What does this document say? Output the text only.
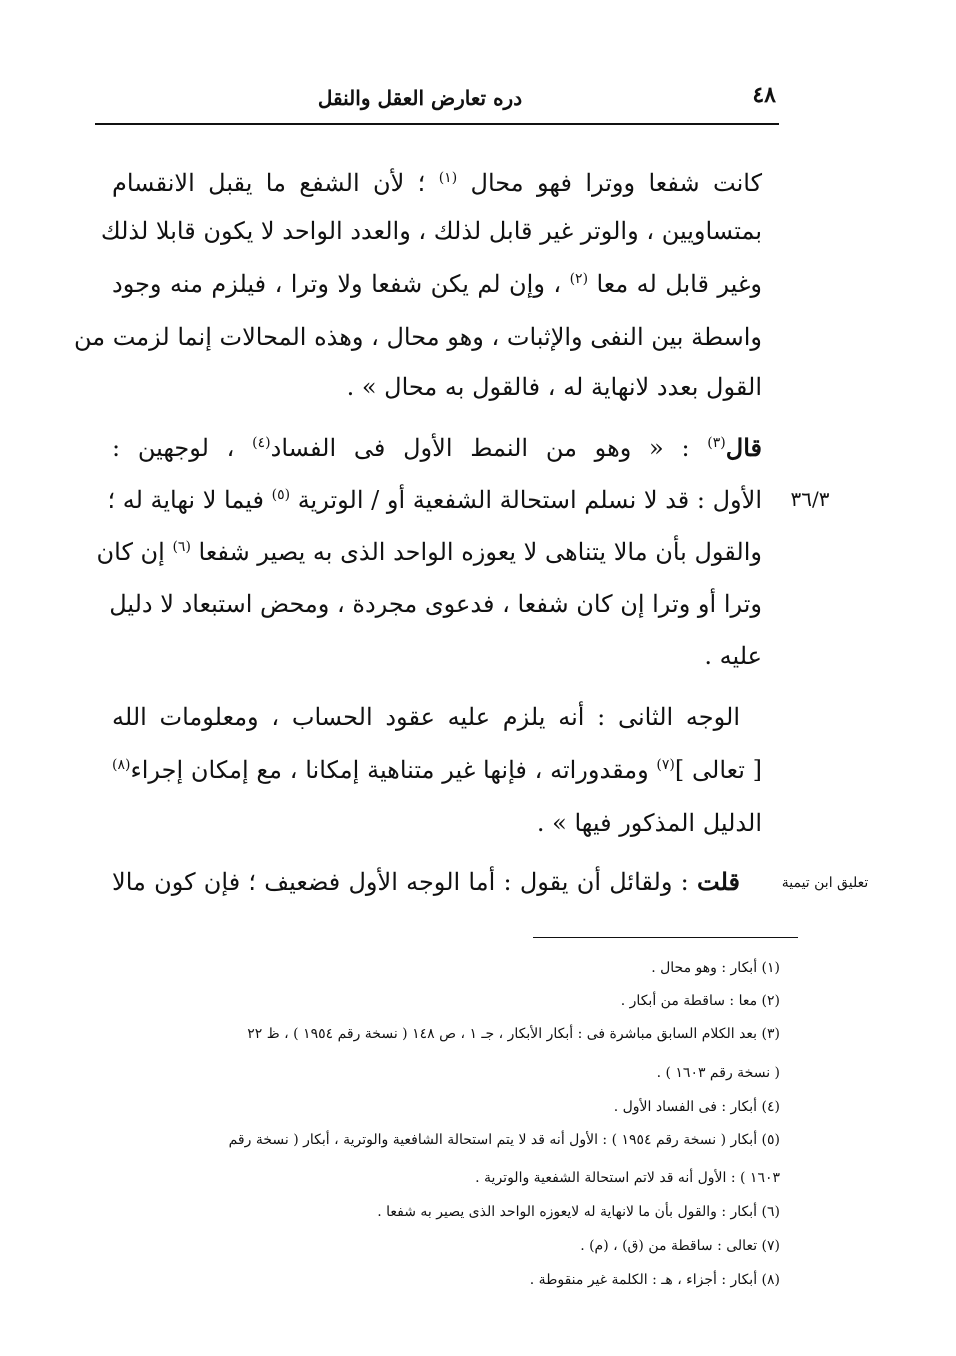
٤٨
دره تعارض العقل والنقل
كانت شفعا ووترا فهو محال $^{(١)}$ ؛ لأن الشفع ما يقبل الانقسام
بمتساويين ، والوتر غير قابل لذلك ، والعدد الواحد لا يكون قابلا لذلك
وغير قابل له معا $^{(٢)}$ ، وإن لم يكن شفعا ولا وترا ، فيلزم منه وجود
واسطة بين النفى والإثبات ، وهو محال ، وهذه المحالات إنما لزمت من
القول بعدد لانهاية له ، فالقول به محال » .
قال$^{(٣)}$ : « وهو من النمط الأول فى الفساد$^{(٤)}$ ، لوجهين :
الأول : قد لا نسلم استحالة الشفعية أو / الوترية $^{(٥)}$ فيما لا نهاية له ؛
والقول بأن مالا يتناهى لا يعوزه الواحد الذى به يصير شفعا $^{(٦)}$ إن كان
وترا أو وترا إن كان شفعا ، فدعوى مجردة ، ومحض استبعاد لا دليل
عليه .
الوجه الثانى : أنه يلزم عليه عقود الحساب ، ومعلومات الله
[ تعالى ]$^{(٧)}$ ومقدوراته ، فإنها غير متناهية إمكانا ، مع إمكان إجراء$^{(٨)}$
الدليل المذكور فيها » .
قلت : ولقائل أن يقول : أما الوجه الأول فضعيف ؛ فإن كون مالا
٣٦/٣
تعليق ابن تيمية
(١) أبكار : وهو محال .
(٢) معا : ساقطة من أبكار .
(٣) بعد الكلام السابق مباشرة فى : أبكار الأبكار ، جـ ١ ، ص ١٤٨ ( نسخة رقم ١٩٥٤ ) ، ظ ٢٢
( نسخة رقم ١٦٠٣ ) .
(٤) أبكار : فى الفساد الأول .
(٥) أبكار ( نسخة رقم ١٩٥٤ ) : الأول أنه قد لا يتم استحالة الشافعية والوترية ، أبكار ( نسخة رقم
١٦٠٣ ) : الأول أنه قد لاتم استحالة الشفعية والوترية .
(٦) أبكار : والقول بأن ما لانهاية له لايعوزه الواحد الذى يصير به شفعا .
(٧) تعالى : ساقطة من (ق) ، (م) .
(٨) أبكار : أجزاء ، هـ : الكلمة غير منقوطة .
